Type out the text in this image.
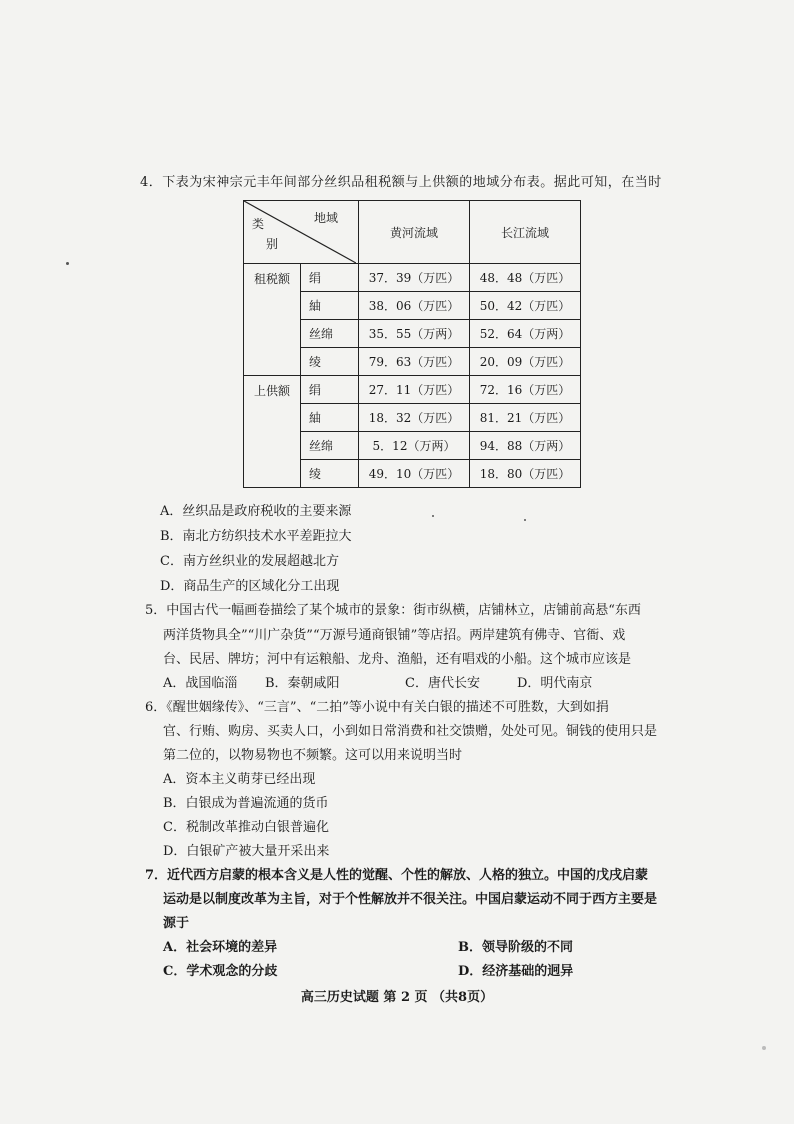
4．下表为宋神宗元丰年间部分丝织品租税额与上供额的地域分布表。据此可知，在当时
地域
类
别		黄河流域	长江流域
租税额	绢	37．39（万匹）	48．48（万匹）
	紬	38．06（万匹）	50．42（万匹）
	丝绵	35．55（万两）	52．64（万两）
	绫	79．63（万匹）	20．09（万匹）
上供额	绢	27．11（万匹）	72．16（万匹）
	紬	18．32（万匹）	81．21（万匹）
	丝绵	5．12（万两）	94．88（万两）
	绫	49．10（万匹）	18．80（万匹）
A．丝织品是政府税收的主要来源
B．南北方纺织技术水平差距拉大
C．南方丝织业的发展超越北方
D．商品生产的区域化分工出现
5．中国古代一幅画卷描绘了某个城市的景象：街市纵横，店铺林立，店铺前高悬“东西
两洋货物具全”“川广杂货”“万源号通商银铺”等店招。两岸建筑有佛寺、官衙、戏
台、民居、牌坊；河中有运粮船、龙舟、渔船，还有唱戏的小船。这个城市应该是
A．战国临淄 B．秦朝咸阳	C．唐代长安	D．明代南京
6．《醒世姻缘传》、“三言”、“二拍”等小说中有关白银的描述不可胜数，大到如捐
官、行贿、购房、买卖人口，小到如日常消费和社交馈赠，处处可见。铜钱的使用只是
第二位的，以物易物也不频繁。这可以用来说明当时
A．资本主义萌芽已经出现
B．白银成为普遍流通的货币
C．税制改革推动白银普遍化
D．白银矿产被大量开采出来
7．近代西方启蒙的根本含义是人性的觉醒、个性的解放、人格的独立。中国的戊戌启蒙
运动是以制度改革为主旨，对于个性解放并不很关注。中国启蒙运动不同于西方主要是
源于
A．社会环境的差异	B．领导阶级的不同
C．学术观念的分歧	D．经济基础的迥异
高三历史试题 第 2 页 （共8页）
